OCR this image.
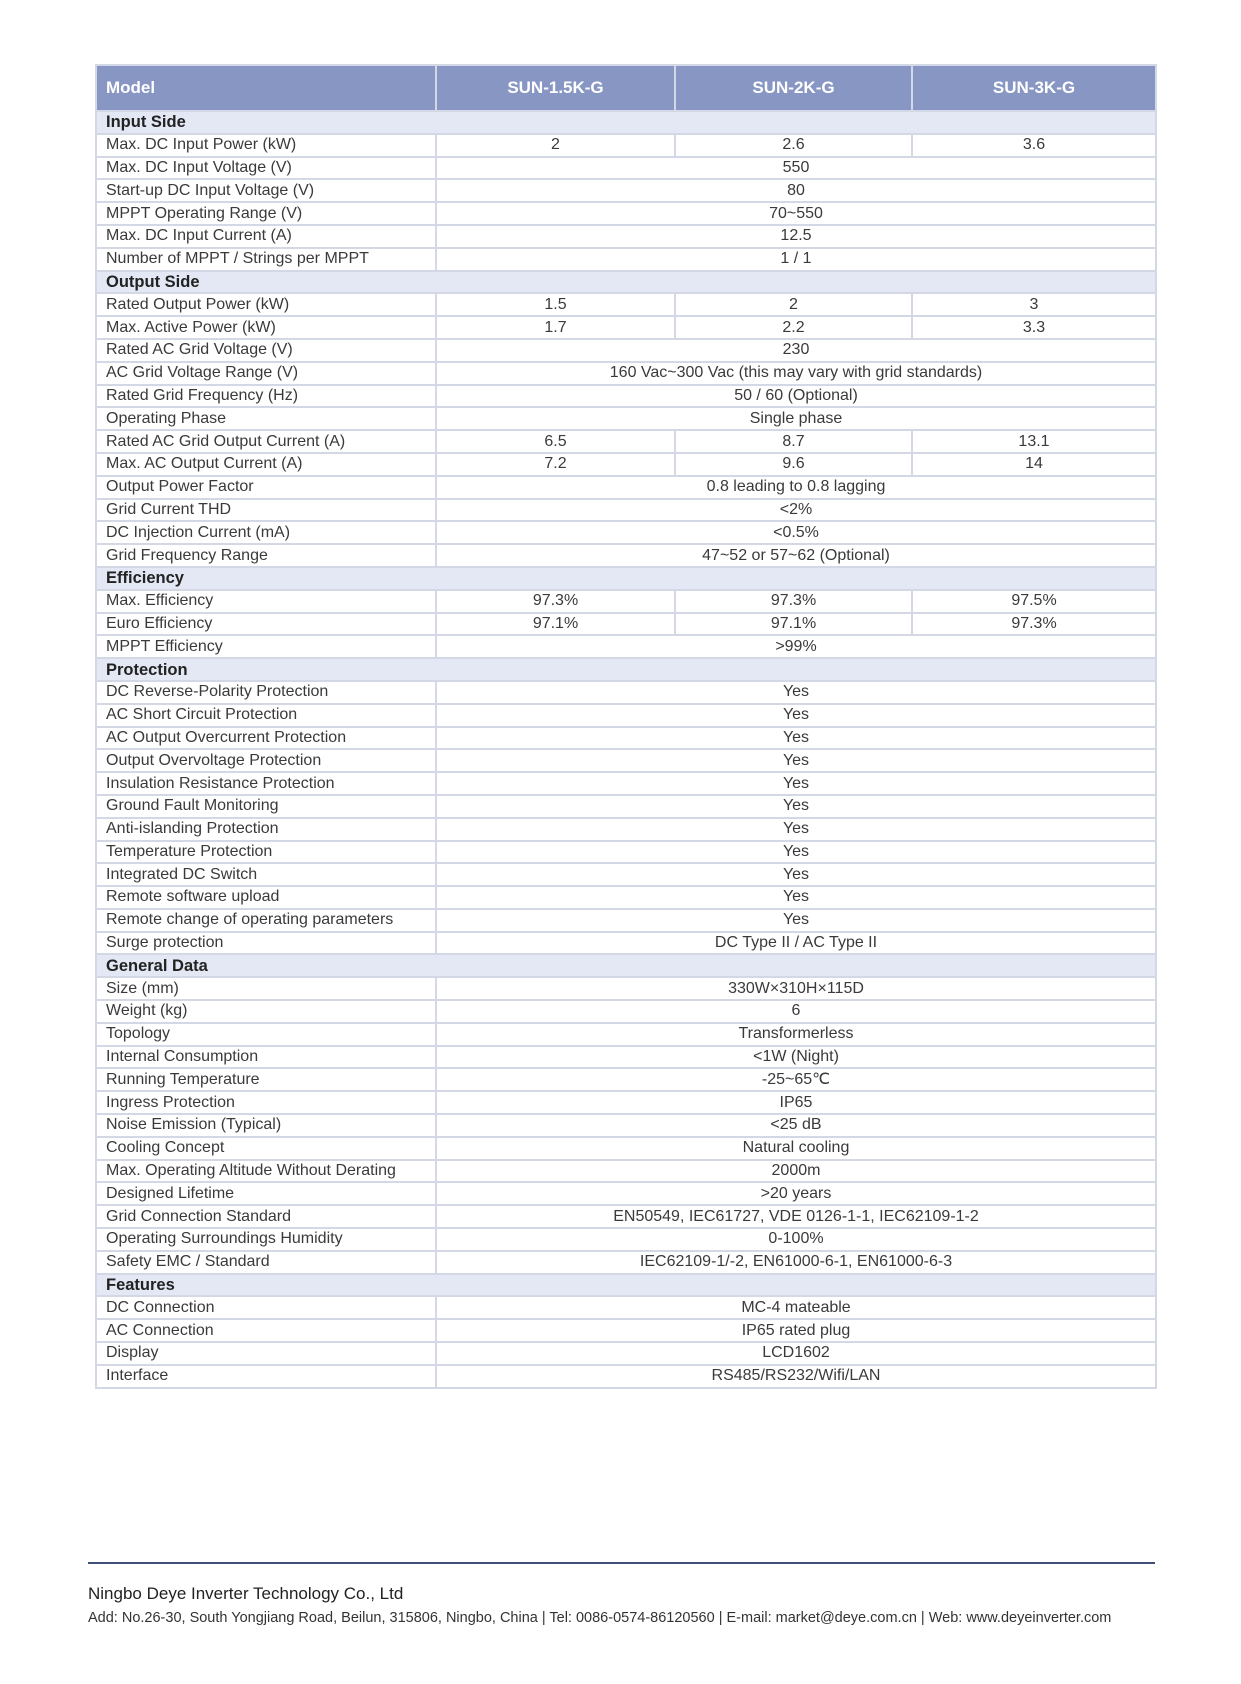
Model	SUN-1.5K-G	SUN-2K-G	SUN-3K-G
Input Side			
Max. DC Input Power (kW)	2	2.6	3.6
Max. DC Input Voltage (V)	550		
Start-up DC Input Voltage (V)	80		
MPPT Operating Range (V)	70~550		
Max. DC Input Current (A)	12.5		
Number of MPPT / Strings per MPPT	1 / 1		
Output Side			
Rated Output Power (kW)	1.5	2	3
Max. Active Power (kW)	1.7	2.2	3.3
Rated AC Grid Voltage (V)	230		
AC Grid Voltage Range (V)	160 Vac~300 Vac (this may vary with grid standards)		
Rated Grid Frequency (Hz)	50 / 60 (Optional)		
Operating Phase	Single phase		
Rated AC Grid Output Current (A)	6.5	8.7	13.1
Max. AC Output Current (A)	7.2	9.6	14
Output Power Factor	0.8 leading to 0.8 lagging		
Grid Current THD	<2%		
DC Injection Current (mA)	<0.5%		
Grid Frequency Range	47~52 or 57~62 (Optional)		
Efficiency			
Max. Efficiency	97.3%	97.3%	97.5%
Euro Efficiency	97.1%	97.1%	97.3%
MPPT Efficiency	>99%		
Protection			
DC Reverse-Polarity Protection	Yes		
AC Short Circuit Protection	Yes		
AC Output Overcurrent Protection	Yes		
Output Overvoltage Protection	Yes		
Insulation Resistance Protection	Yes		
Ground Fault Monitoring	Yes		
Anti-islanding Protection	Yes		
Temperature Protection	Yes		
Integrated DC Switch	Yes		
Remote software upload	Yes		
Remote change of operating parameters	Yes		
Surge protection	DC Type II / AC Type II		
General Data			
Size (mm)	330W×310H×115D		
Weight (kg)	6		
Topology	Transformerless		
Internal Consumption	<1W (Night)		
Running Temperature	-25~65℃		
Ingress Protection	IP65		
Noise Emission (Typical)	<25 dB		
Cooling Concept	Natural cooling		
Max. Operating Altitude Without Derating	2000m		
Designed Lifetime	>20 years		
Grid Connection Standard	EN50549, IEC61727, VDE 0126-1-1, IEC62109-1-2		
Operating Surroundings Humidity	0-100%		
Safety EMC / Standard	IEC62109-1/-2, EN61000-6-1, EN61000-6-3		
Features			
DC Connection	MC-4 mateable		
AC Connection	IP65 rated plug		
Display	LCD1602		
Interface	RS485/RS232/Wifi/LAN		
Ningbo Deye Inverter Technology Co., Ltd
Add: No.26-30, South Yongjiang Road, Beilun, 315806, Ningbo, China | Tel: 0086-0574-86120560 | E-mail: market@deye.com.cn | Web: www.deyeinverter.com
